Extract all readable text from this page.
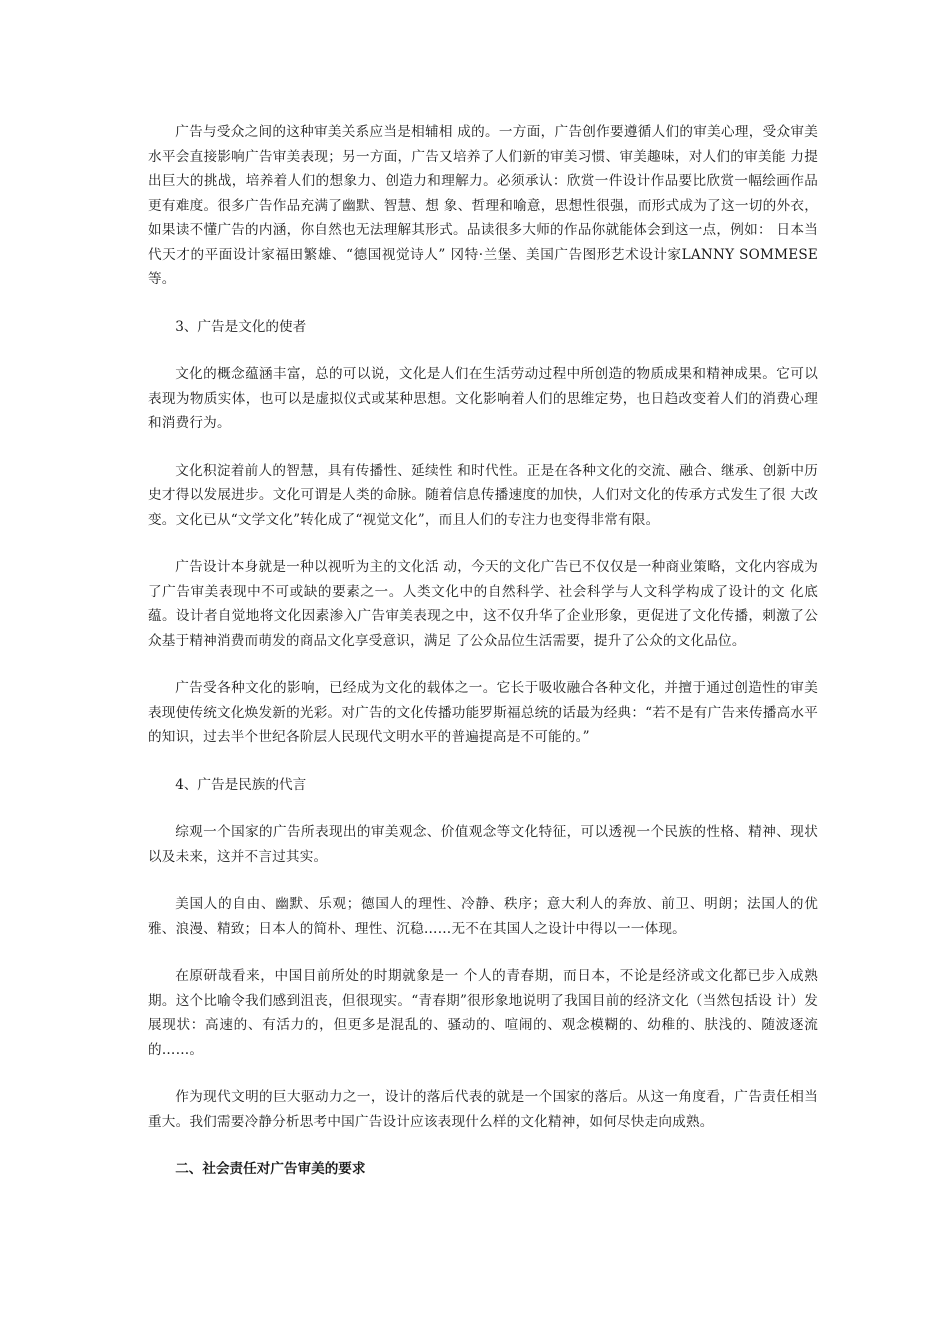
广告与受众之间的这种审美关系应当是相辅相 成的。一方面，广告创作要遵循人们的审美心理，受众审美水平会直接影响广告审美表现；另一方面，广告又培养了人们新的审美习惯、审美趣味，对人们的审美能 力提出巨大的挑战，培养着人们的想象力、创造力和理解力。必须承认：欣赏一件设计作品要比欣赏一幅绘画作品更有难度。很多广告作品充满了幽默、智慧、想 象、哲理和喻意，思想性很强，而形式成为了这一切的外衣，如果读不懂广告的内涵，你自然也无法理解其形式。品读很多大师的作品你就能体会到这一点，例如： 日本当代天才的平面设计家福田繁雄、“德国视觉诗人” 冈特·兰堡、美国广告图形艺术设计家LANNY SOMMESE等。

3、广告是文化的使者

文化的概念蕴涵丰富，总的可以说，文化是人们在生活劳动过程中所创造的物质成果和精神成果。它可以表现为物质实体，也可以是虚拟仪式或某种思想。文化影响着人们的思维定势，也日趋改变着人们的消费心理和消费行为。

文化积淀着前人的智慧，具有传播性、延续性 和时代性。正是在各种文化的交流、融合、继承、创新中历史才得以发展进步。文化可谓是人类的命脉。随着信息传播速度的加快，人们对文化的传承方式发生了很 大改变。文化已从“文学文化”转化成了“视觉文化”，而且人们的专注力也变得非常有限。

广告设计本身就是一种以视听为主的文化活 动，今天的文化广告已不仅仅是一种商业策略，文化内容成为了广告审美表现中不可或缺的要素之一。人类文化中的自然科学、社会科学与人文科学构成了设计的文 化底蕴。设计者自觉地将文化因素渗入广告审美表现之中，这不仅升华了企业形象，更促进了文化传播，刺激了公众基于精神消费而萌发的商品文化享受意识，满足 了公众品位生活需要，提升了公众的文化品位。

广告受各种文化的影响，已经成为文化的载体之一。它长于吸收融合各种文化，并擅于通过创造性的审美表现使传统文化焕发新的光彩。对广告的文化传播功能罗斯福总统的话最为经典：“若不是有广告来传播高水平的知识，过去半个世纪各阶层人民现代文明水平的普遍提高是不可能的。”

4、广告是民族的代言

综观一个国家的广告所表现出的审美观念、价值观念等文化特征，可以透视一个民族的性格、精神、现状以及未来，这并不言过其实。

美国人的自由、幽默、乐观；德国人的理性、冷静、秩序；意大利人的奔放、前卫、明朗；法国人的优雅、浪漫、精致；日本人的简朴、理性、沉稳……无不在其国人之设计中得以一一体现。

在原研哉看来，中国目前所处的时期就象是一 个人的青春期，而日本，不论是经济或文化都已步入成熟期。这个比喻令我们感到沮丧，但很现实。“青春期”很形象地说明了我国目前的经济文化（当然包括设 计）发展现状：高速的、有活力的，但更多是混乱的、骚动的、喧闹的、观念模糊的、幼稚的、肤浅的、随波逐流的……。

作为现代文明的巨大驱动力之一，设计的落后代表的就是一个国家的落后。从这一角度看，广告责任相当重大。我们需要冷静分析思考中国广告设计应该表现什么样的文化精神，如何尽快走向成熟。

二、社会责任对广告审美的要求
